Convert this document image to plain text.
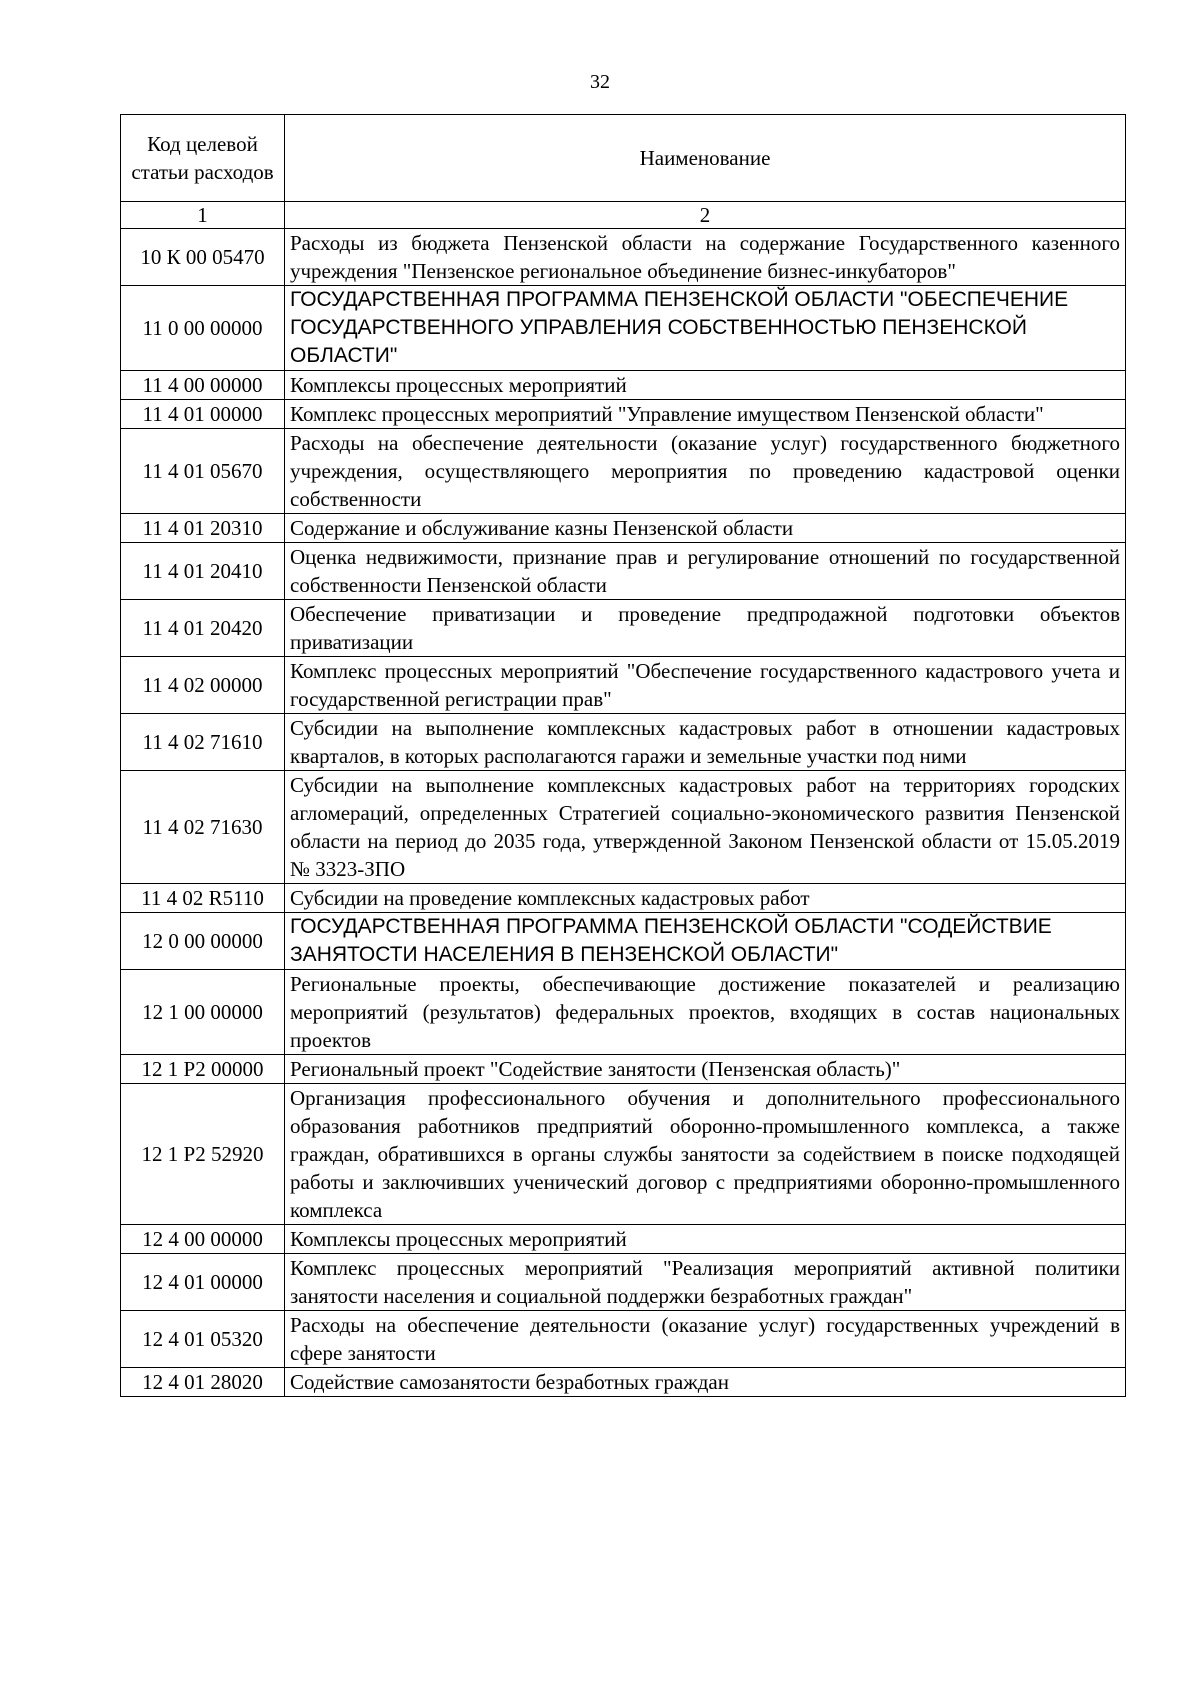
32
Код целевой статьи расходов	Наименование
1	2
10 К 00 05470	Расходы из бюджета Пензенской области на содержание Государственного казенного учреждения "Пензенское региональное объединение бизнес-инкубаторов"
11 0 00 00000	ГОСУДАРСТВЕННАЯ ПРОГРАММА ПЕНЗЕНСКОЙ ОБЛАСТИ "ОБЕСПЕЧЕНИЕ ГОСУДАРСТВЕННОГО УПРАВЛЕНИЯ СОБСТВЕННОСТЬЮ ПЕНЗЕНСКОЙ ОБЛАСТИ"
11 4 00 00000	Комплексы процессных мероприятий
11 4 01 00000	Комплекс процессных мероприятий "Управление имуществом Пензенской области"
11 4 01 05670	Расходы на обеспечение деятельности (оказание услуг) государственного бюджетного учреждения, осуществляющего мероприятия по проведению кадастровой оценки собственности
11 4 01 20310	Содержание и обслуживание казны Пензенской области
11 4 01 20410	Оценка недвижимости, признание прав и регулирование отношений по государственной собственности Пензенской области
11 4 01 20420	Обеспечение приватизации и проведение предпродажной подготовки объектов приватизации
11 4 02 00000	Комплекс процессных мероприятий "Обеспечение государственного кадастрового учета и государственной регистрации прав"
11 4 02 71610	Субсидии на выполнение комплексных кадастровых работ в отношении кадастровых кварталов, в которых располагаются гаражи и земельные участки под ними
11 4 02 71630	Субсидии на выполнение комплексных кадастровых работ на территориях городских агломераций, определенных Стратегией социально-экономического развития Пензенской области на период до 2035 года, утвержденной Законом Пензенской области от 15.05.2019 № 3323-ЗПО
11 4 02 R5110	Субсидии на проведение комплексных кадастровых работ
12 0 00 00000	ГОСУДАРСТВЕННАЯ ПРОГРАММА ПЕНЗЕНСКОЙ ОБЛАСТИ "СОДЕЙСТВИЕ ЗАНЯТОСТИ НАСЕЛЕНИЯ В ПЕНЗЕНСКОЙ ОБЛАСТИ"
12 1 00 00000	Региональные проекты, обеспечивающие достижение показателей и реализацию мероприятий (результатов) федеральных проектов, входящих в состав национальных проектов
12 1 P2 00000	Региональный проект "Содействие занятости (Пензенская область)"
12 1 P2 52920	Организация профессионального обучения и дополнительного профессионального образования работников предприятий оборонно-промышленного комплекса, а также граждан, обратившихся в органы службы занятости за содействием в поиске подходящей работы и заключивших ученический договор с предприятиями оборонно-промышленного комплекса
12 4 00 00000	Комплексы процессных мероприятий
12 4 01 00000	Комплекс процессных мероприятий "Реализация мероприятий активной политики занятости населения и социальной поддержки безработных граждан"
12 4 01 05320	Расходы на обеспечение деятельности (оказание услуг) государственных учреждений в сфере занятости
12 4 01 28020	Содействие самозанятости безработных граждан
